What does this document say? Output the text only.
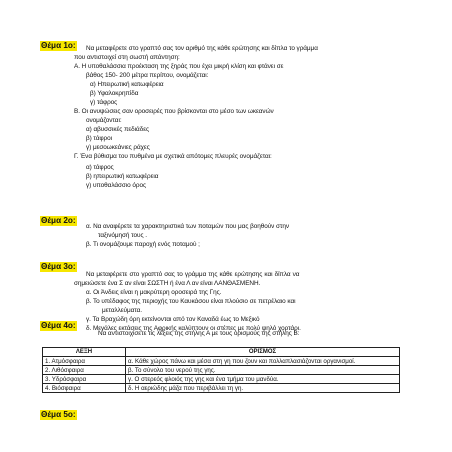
Θέμα 1ο: Να μεταφέρετε στο γραπτό σας τον αριθμό της κάθε ερώτησης και δίπλα το γράμμα
που αντιστοιχεί στη σωστή απάντηση:
Α. Η υποθαλάσσια προέκταση της ξηράς που έχει μικρή κλίση και φτάνει σε
βάθος 150- 200 μέτρα περίπου, ονομάζεται:
α) Ηπειρωτική κατωφέρεια
β) Υφαλοκρηπίδα
γ) τάφρος
Β. Οι ανυψώσεις σαν οροσειρές που βρίσκονται στο μέσο των ωκεανών
ονομάζονται:
α) αβυσσικές πεδιάδες
β) τάφροι
γ) μεσοωκεάνιες ράχες
Γ. Ένα βύθισμα του πυθμένα με σχετικά απότομες πλευρές ονομάζεται:
α) τάφρος
β) ηπειρωτική κατωφέρεια
γ) υποθαλάσσιο όρος
Θέμα 2ο:
α. Να αναφέρετε τα χαρακτηριστικά των ποταμών που μας βοηθούν στην
ταξινόμησή τους .
β. Τι ονομάζουμε παροχή ενός ποταμού ;
Θέμα 3ο:
Να μεταφέρετε στο γραπτό σας το γράμμα της κάθε ερώτησης και δίπλα να
σημειώσετε ένα Σ αν είναι ΣΩΣΤΗ ή ένα Λ αν είναι ΛΑΝΘΑΣΜΕΝΗ.
α. Οι Άνδεις είναι η μακρύτερη οροσειρά της Γης.
β. Το υπέδαφος της περιοχής του Καυκάσου είναι πλούσιο σε πετρέλαιο και
μεταλλεύματα.
γ. Τα Βραχώδη όρη εκτείνονται από τον Καναδά έως το Μεξικό
δ. Μεγάλες εκτάσεις της Αφρικής καλύπτουν οι στέπες με πολύ ψηλό χορτάρι.
Θέμα 4ο:
Να αντιστοιχίσετε τις λέξεις της στήλης Α με τους ορισμούς της στήλης Β:
ΛΕΞΗ	ΟΡΙΣΜΟΣ
1. Ατμόσφαιρα	α. Κάθε χώρος πάνω και μέσα στη γη που ζουν και πολλαπλασιάζονται οργανισμοί.
2. Λιθόσφαιρα	β. Το σύνολο του νερού της γης.
3. Υδρόσφαιρα	γ. Ο στερεός φλοιός της γης και ένα τμήμα του μανδύα.
4. Βιόσφαιρα	δ. Η αεριώδης μάζα που περιβάλλει τη γη.
Θέμα 5ο:
